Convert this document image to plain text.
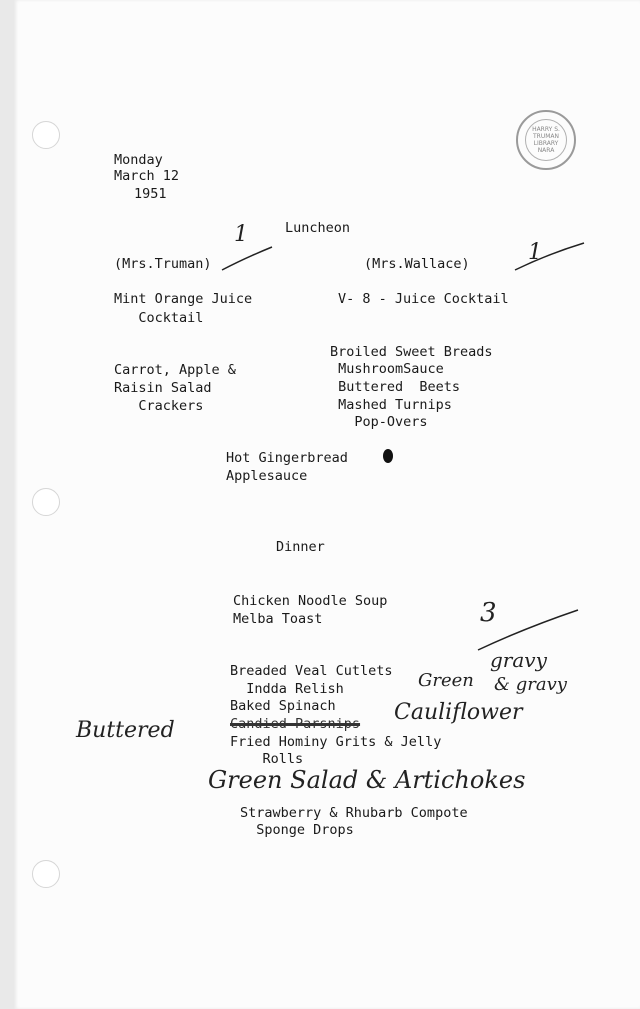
HARRY S. TRUMAN LIBRARY
NARA

Monday

March 12

1951

Luncheon

(Mrs.Truman)

1

(Mrs.Wallace)	1

Mint Orange Juice

Cocktail

Carrot, Apple &

Raisin Salad

Crackers

V- 8 - Juice Cocktail

Broiled Sweet Breads

MushroomSauce

Buttered  Beets

Mashed Turnips

Pop-Overs

Hot Gingerbread

Applesauce

Dinner

3

Chicken Noodle Soup

Melba Toast

Breaded Veal Cutlets

Indda Relish

Baked Spinach

Candied Parsnips

Fried Hominy Grits & Jelly

Rolls

Strawberry & Rhubarb Compote

Sponge Drops

Buttered

Cauliflower

Green

gravy

& gravy

Green Salad & Artichokes
